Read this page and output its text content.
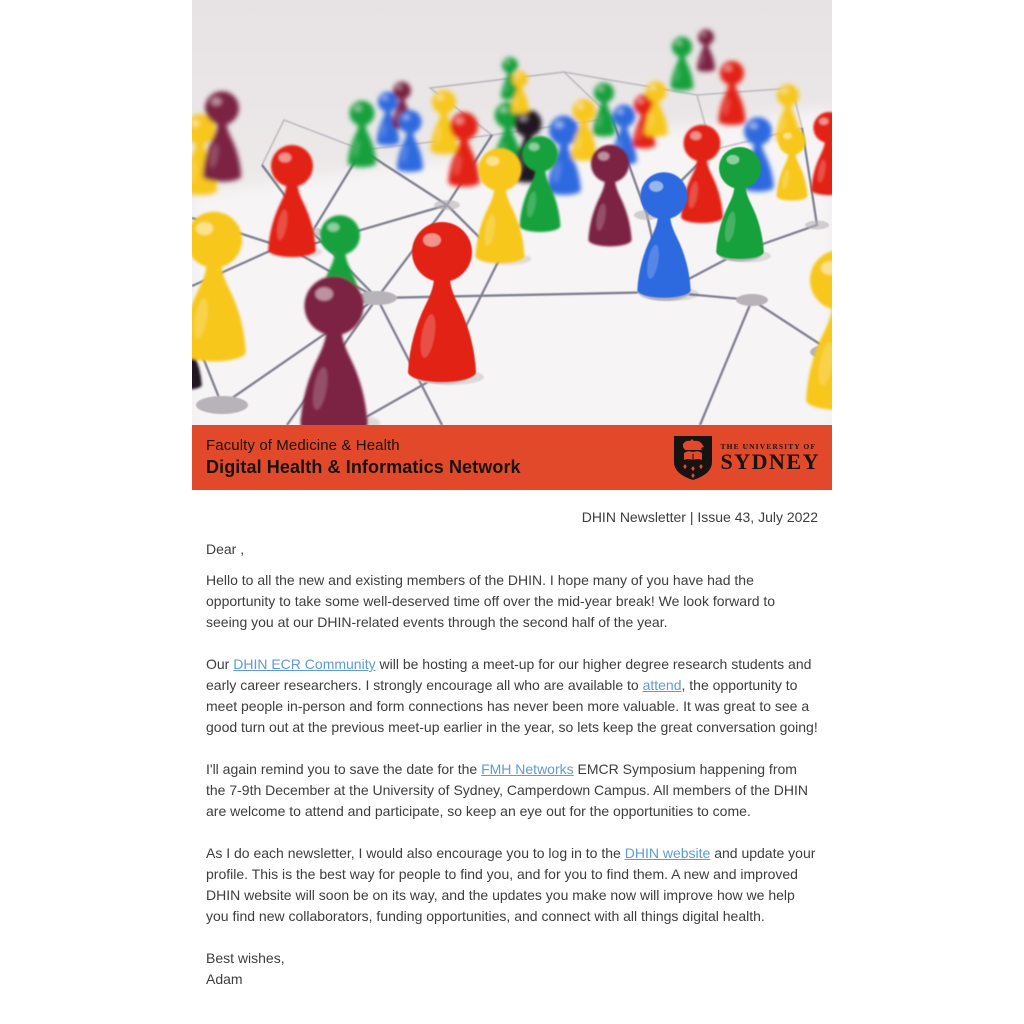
Faculty of Medicine & Health
Digital Health & Informatics Network
THE UNIVERSITY OF
SYDNEY
DHIN Newsletter | Issue 43, July 2022

Dear ,

Hello to all the new and existing members of the DHIN. I hope many of you have had the opportunity to take some well-deserved time off over the mid-year break! We look forward to seeing you at our DHIN-related events through the second half of the year.

Our DHIN ECR Community will be hosting a meet-up for our higher degree research students and early career researchers. I strongly encourage all who are available to attend, the opportunity to meet people in-person and form connections has never been more valuable. It was great to see a good turn out at the previous meet-up earlier in the year, so lets keep the great conversation going!

I'll again remind you to save the date for the FMH Networks EMCR Symposium happening from the 7-9th December at the University of Sydney, Camperdown Campus. All members of the DHIN are welcome to attend and participate, so keep an eye out for the opportunities to come.

As I do each newsletter, I would also encourage you to log in to the DHIN website and update your profile. This is the best way for people to find you, and for you to find them. A new and improved DHIN website will soon be on its way, and the updates you make now will improve how we help you find new collaborators, funding opportunities, and connect with all things digital health.

Best wishes,
Adam
